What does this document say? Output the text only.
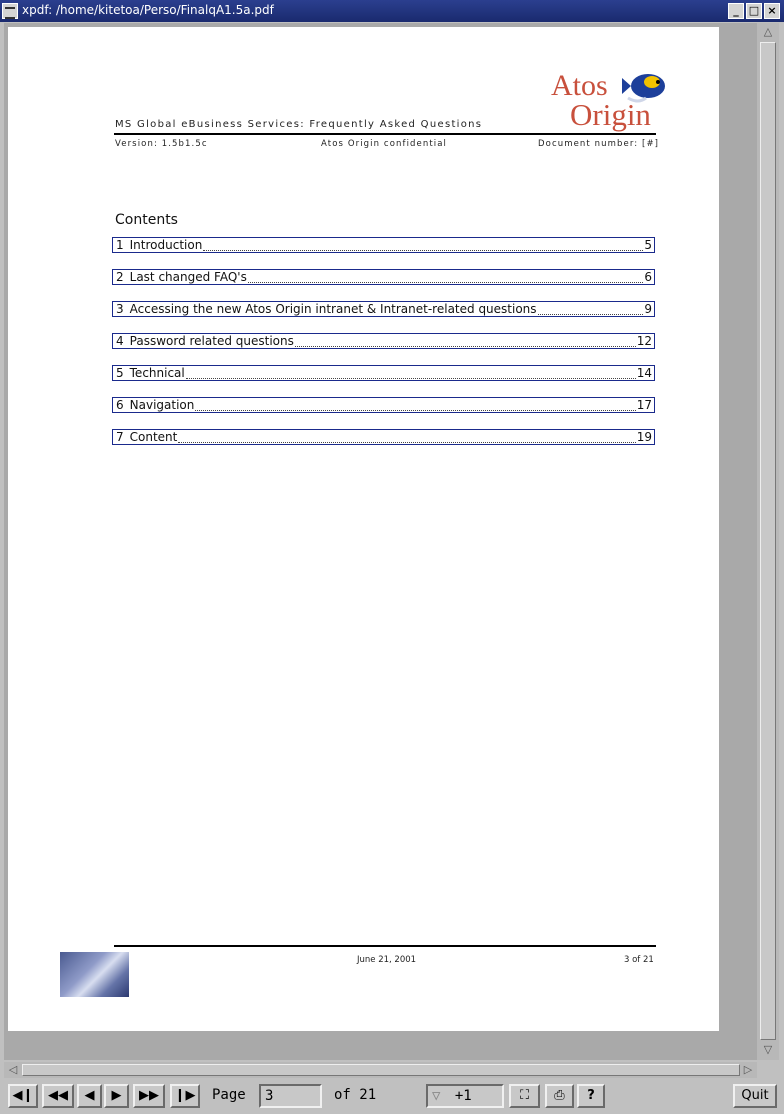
xpdf: /home/kitetoa/Perso/FinalqA1.5a.pdf	_ □ ×
Atos
Origin
MS Global eBusiness Services: Frequently Asked Questions
Version: 1.5b1.5c	Atos Origin confidential	Document number: [#]
Contents
1 Introduction	5
2 Last changed FAQ's	6
3 Accessing the new Atos Origin intranet & Intranet-related questions	9
4 Password related questions	12
5 Technical	14
6 Navigation	17
7 Content	19
June 21, 2001	3 of 21
△
▽
◁	▷
◀❙	◀◀	◀	▶	▶▶	❙▶	Page	3	of 21	▽ +1	⛶	⎙	?	Quit
